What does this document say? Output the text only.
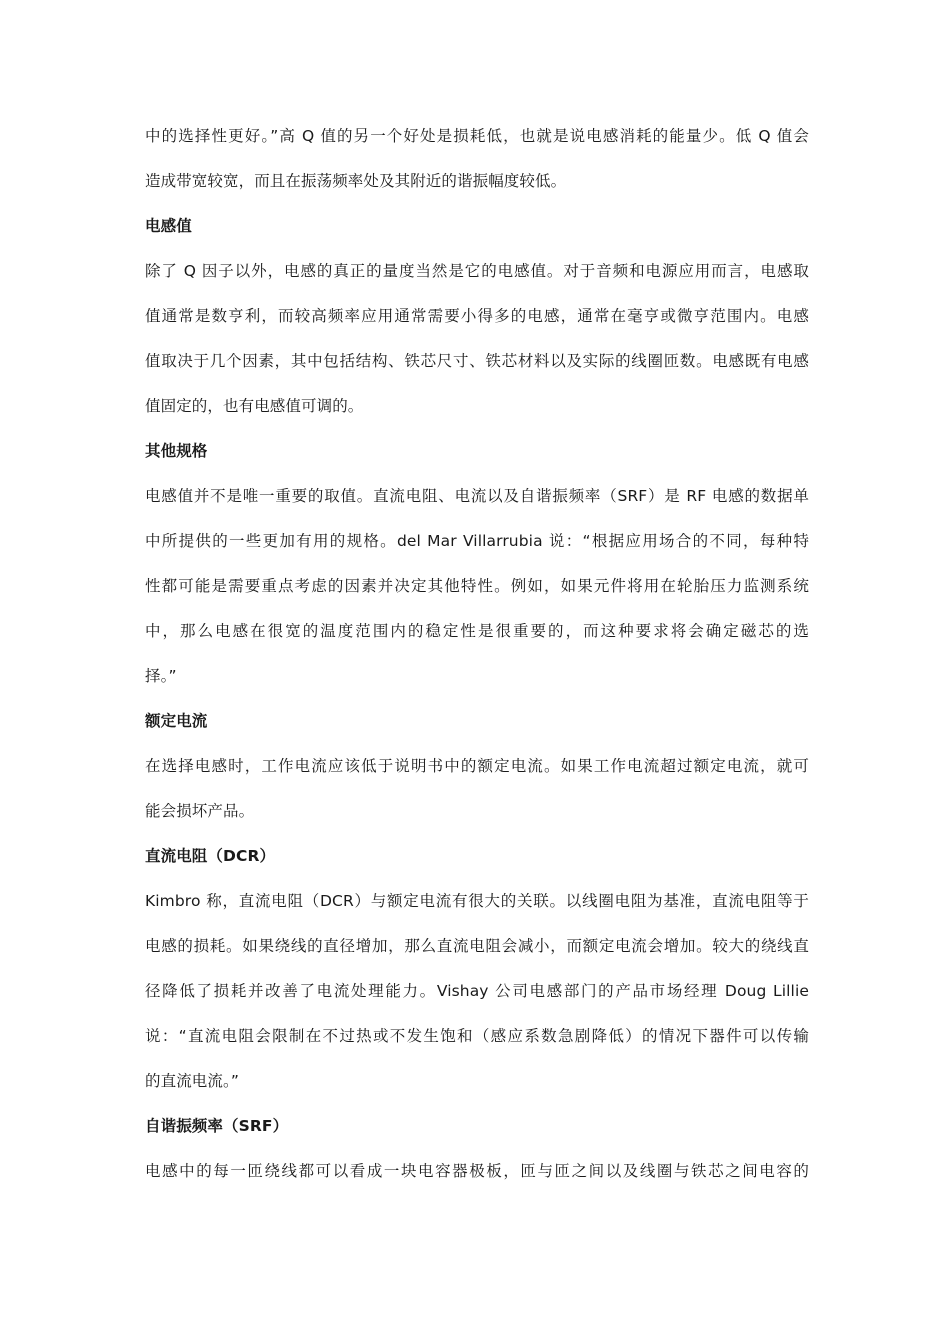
中的选择性更好。”高 Q 值的另一个好处是损耗低，也就是说电感消耗的能量少。低 Q 值会
造成带宽较宽，而且在振荡频率处及其附近的谐振幅度较低。
电感值
除了 Q 因子以外，电感的真正的量度当然是它的电感值。对于音频和电源应用而言，电感取
值通常是数亨利，而较高频率应用通常需要小得多的电感，通常在毫亨或微亨范围内。电感
值取决于几个因素，其中包括结构、铁芯尺寸、铁芯材料以及实际的线圈匝数。电感既有电感
值固定的，也有电感值可调的。
其他规格
电感值并不是唯一重要的取值。直流电阻、电流以及自谐振频率（SRF）是 RF 电感的数据单
中所提供的一些更加有用的规格。del Mar Villarrubia 说：“根据应用场合的不同，每种特
性都可能是需要重点考虑的因素并决定其他特性。例如，如果元件将用在轮胎压力监测系统
中，那么电感在很宽的温度范围内的稳定性是很重要的，而这种要求将会确定磁芯的选
择。”
额定电流
在选择电感时，工作电流应该低于说明书中的额定电流。如果工作电流超过额定电流，就可
能会损坏产品。
直流电阻（DCR）
Kimbro 称，直流电阻（DCR）与额定电流有很大的关联。以线圈电阻为基准，直流电阻等于
电感的损耗。如果绕线的直径增加，那么直流电阻会减小，而额定电流会增加。较大的绕线直
径降低了损耗并改善了电流处理能力。Vishay 公司电感部门的产品市场经理 Doug Lillie
说：“直流电阻会限制在不过热或不发生饱和（感应系数急剧降低）的情况下器件可以传输
的直流电流。”
自谐振频率（SRF）
电感中的每一匝绕线都可以看成一块电容器极板，匝与匝之间以及线圈与铁芯之间电容的
